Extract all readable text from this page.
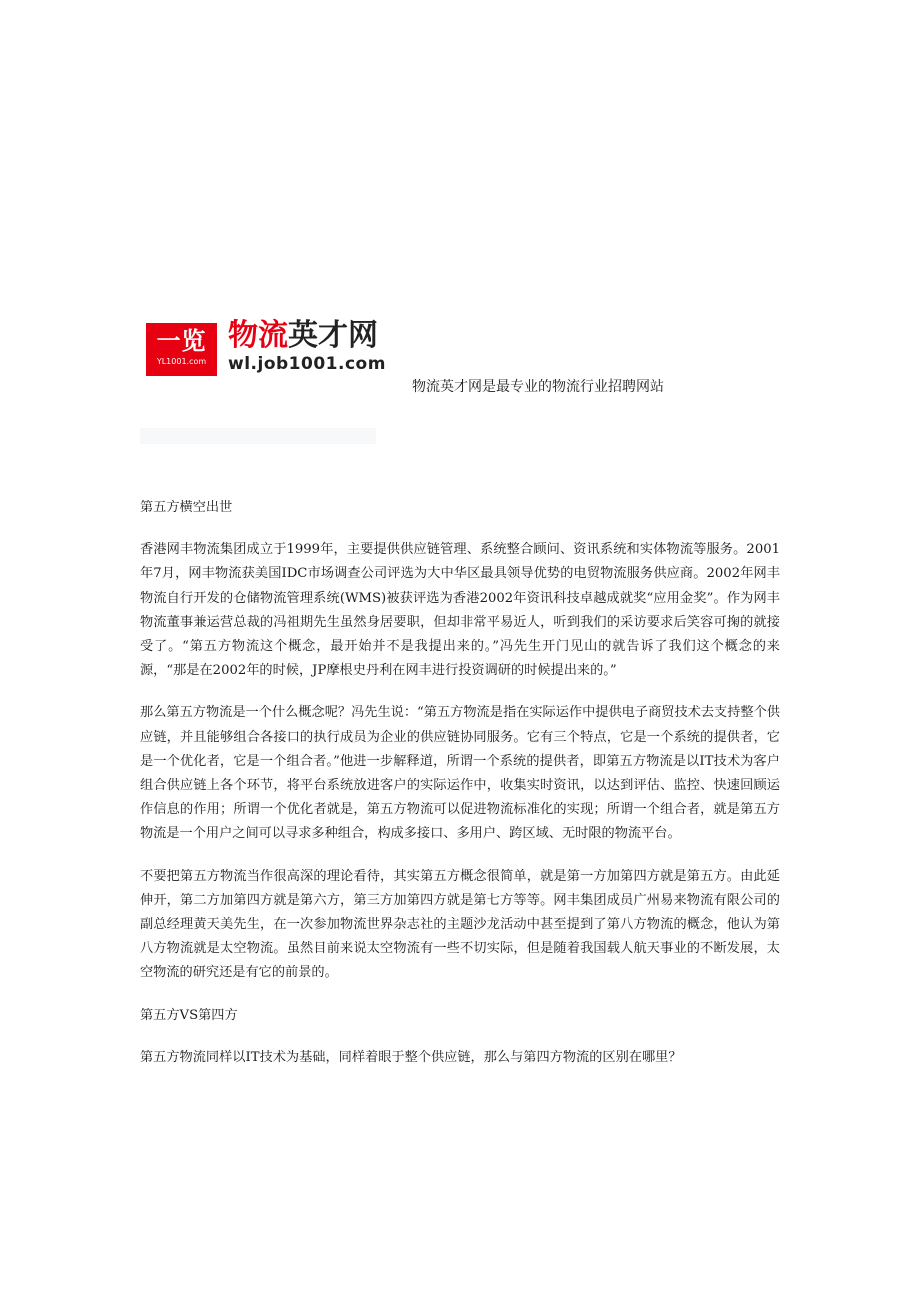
一览
YL1001.com
物流英才网
wl.job1001.com
物流英才网是最专业的物流行业招聘网站

第五方横空出世

香港网丰物流集团成立于1999年，主要提供供应链管理、系统整合顾问、资讯系统和实体物流等服务。2001年7月，网丰物流获美国IDC市场调查公司评选为大中华区最具领导优势的电贸物流服务供应商。2002年网丰物流自行开发的仓储物流管理系统(WMS)被获评选为香港2002年资讯科技卓越成就奖“应用金奖”。作为网丰物流董事兼运营总裁的冯祖期先生虽然身居要职，但却非常平易近人，听到我们的采访要求后笑容可掬的就接受了。“第五方物流这个概念，最开始并不是我提出来的。”冯先生开门见山的就告诉了我们这个概念的来源，“那是在2002年的时候，JP摩根史丹利在网丰进行投资调研的时候提出来的。”

那么第五方物流是一个什么概念呢？冯先生说：“第五方物流是指在实际运作中提供电子商贸技术去支持整个供应链，并且能够组合各接口的执行成员为企业的供应链协同服务。它有三个特点，它是一个系统的提供者，它是一个优化者，它是一个组合者。”他进一步解释道，所谓一个系统的提供者，即第五方物流是以IT技术为客户组合供应链上各个环节，将平台系统放进客户的实际运作中，收集实时资讯，以达到评估、监控、快速回顾运作信息的作用；所谓一个优化者就是，第五方物流可以促进物流标准化的实现；所谓一个组合者，就是第五方物流是一个用户之间可以寻求多种组合，构成多接口、多用户、跨区域、无时限的物流平台。

不要把第五方物流当作很高深的理论看待，其实第五方概念很简单，就是第一方加第四方就是第五方。由此延伸开，第二方加第四方就是第六方，第三方加第四方就是第七方等等。网丰集团成员广州易来物流有限公司的副总经理黄天美先生，在一次参加物流世界杂志社的主题沙龙活动中甚至提到了第八方物流的概念，他认为第八方物流就是太空物流。虽然目前来说太空物流有一些不切实际，但是随着我国载人航天事业的不断发展，太空物流的研究还是有它的前景的。

第五方VS第四方

第五方物流同样以IT技术为基础，同样着眼于整个供应链，那么与第四方物流的区别在哪里？
